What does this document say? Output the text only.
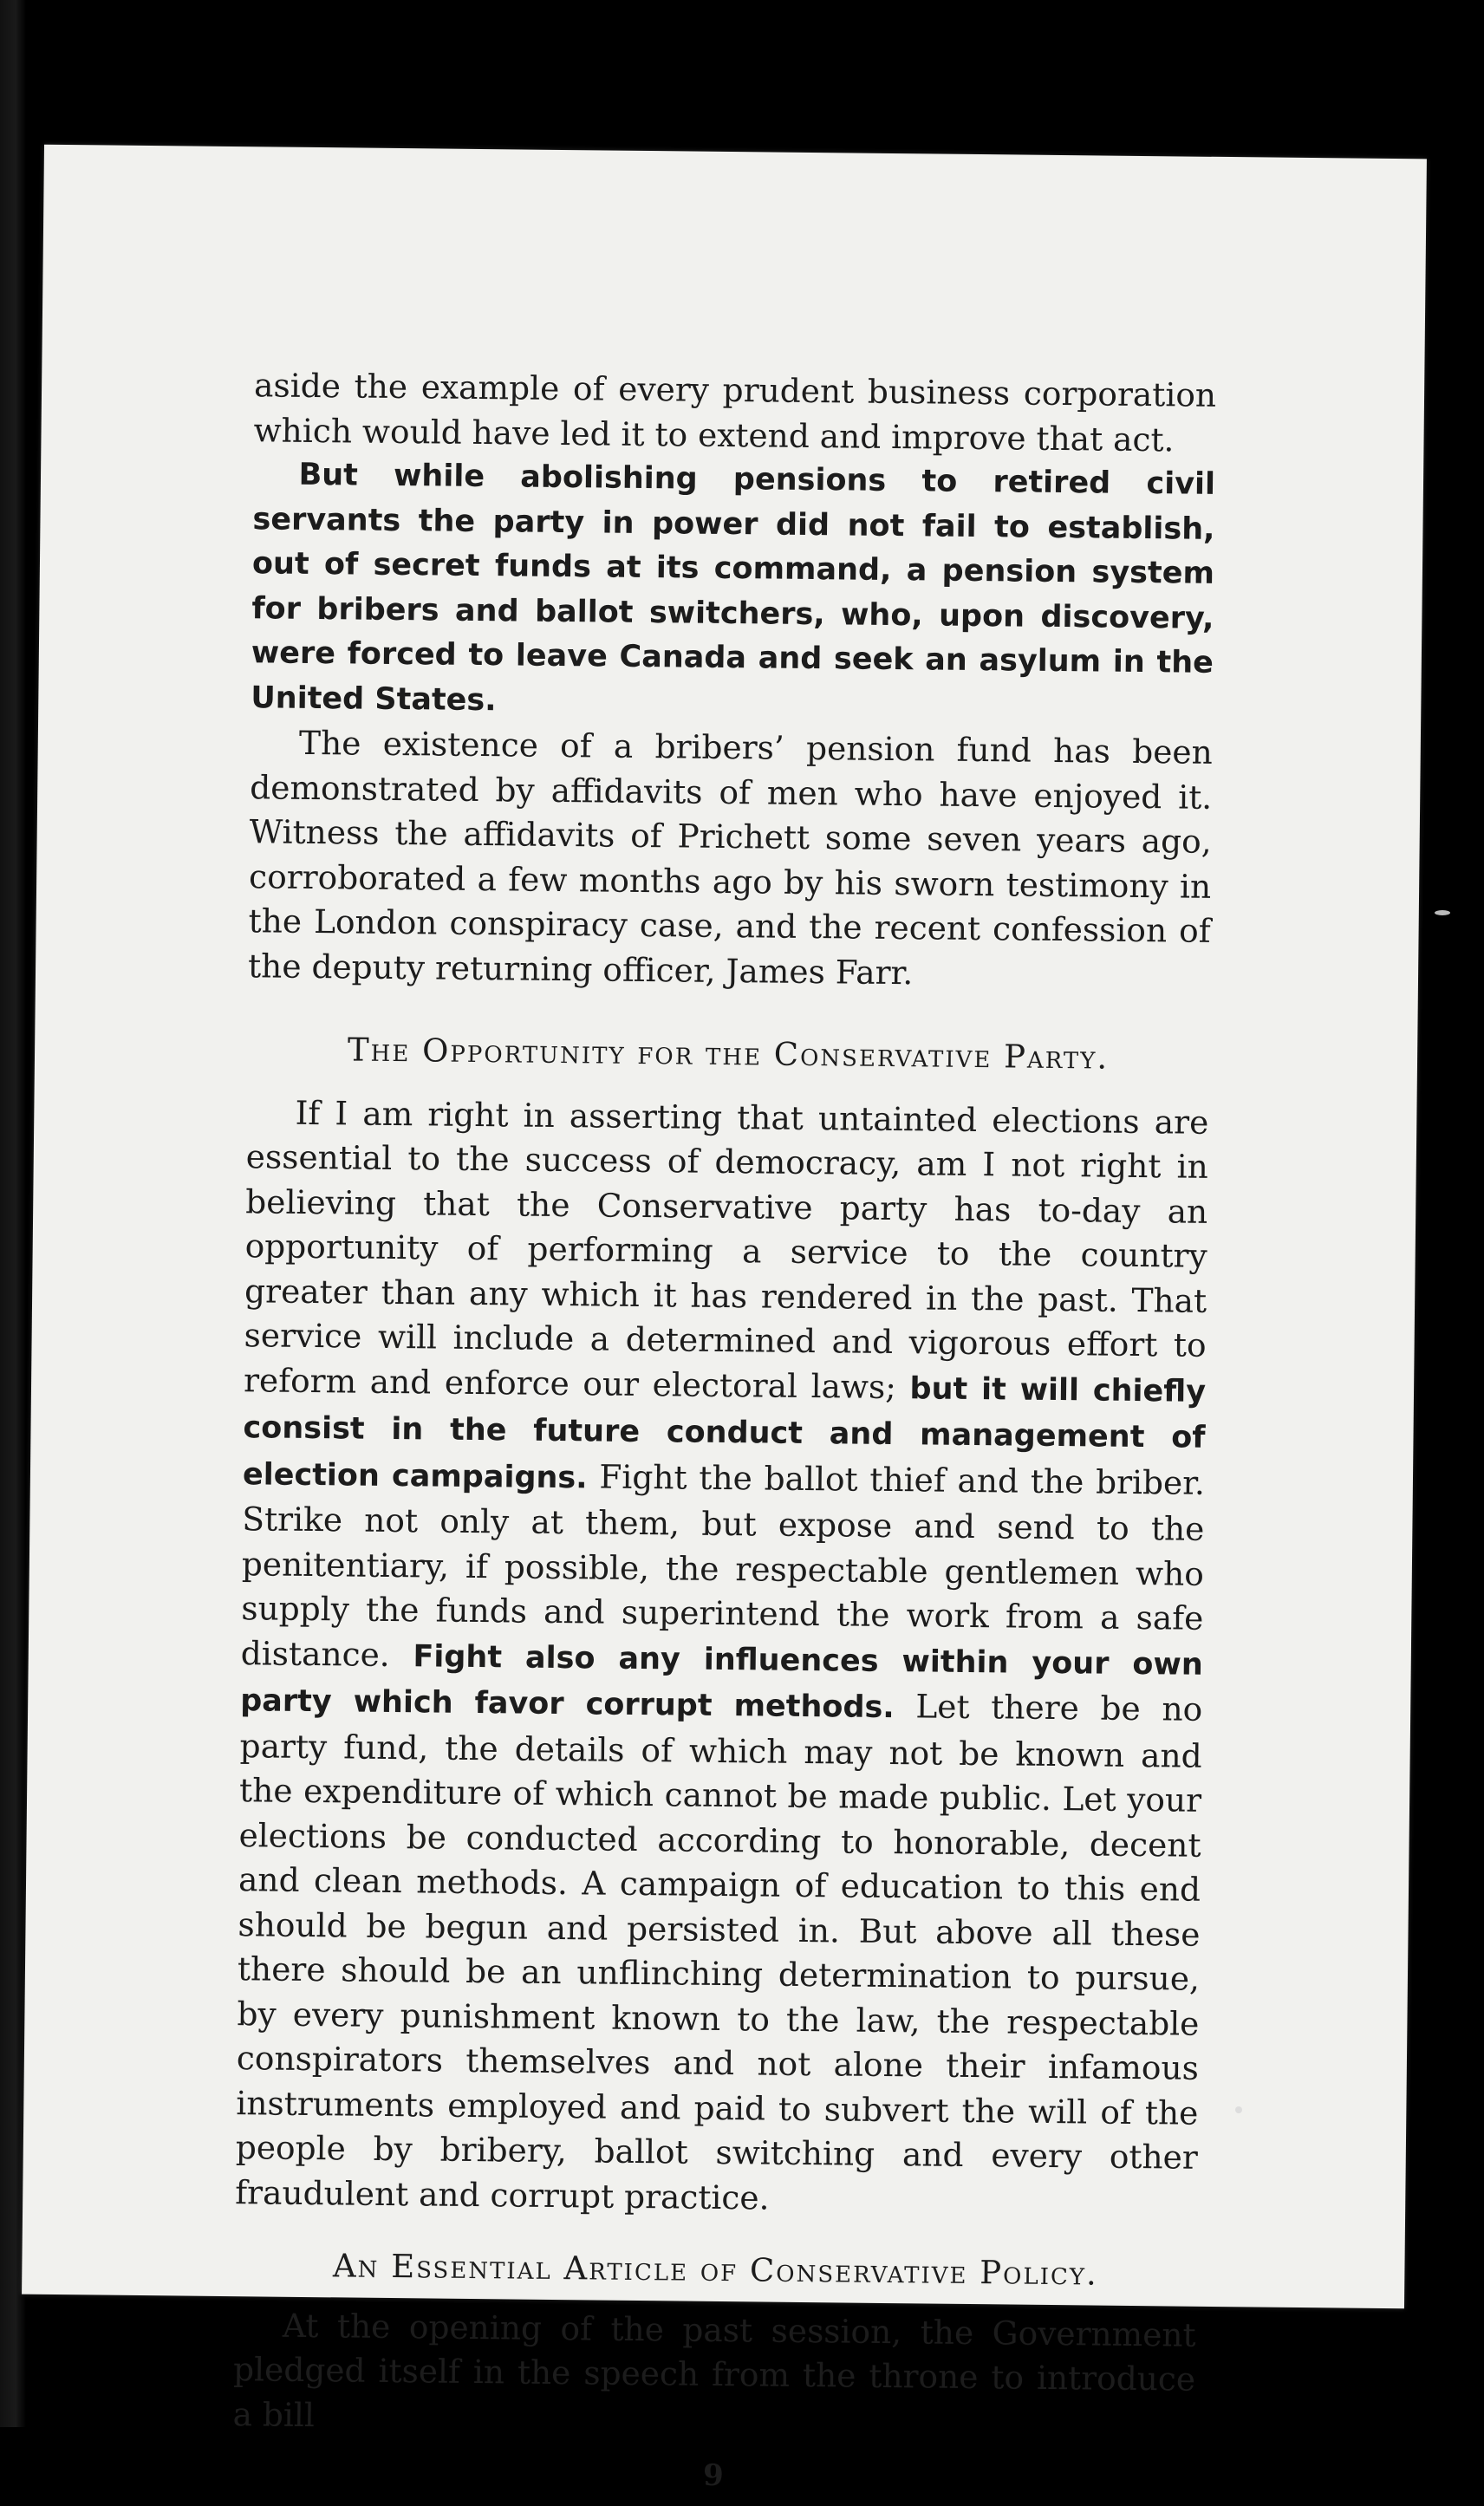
aside the example of every prudent business corporation which would have led it to extend and improve that act.

But while abolishing pensions to retired civil servants the party in power did not fail to establish, out of secret funds at its command, a pension system for bribers and ballot switchers, who, upon discovery, were forced to leave Canada and seek an asylum in the United States.

The existence of a bribers’ pension fund has been demonstrated by affidavits of men who have enjoyed it. Witness the affidavits of Prichett some seven years ago, corroborated a few months ago by his sworn testimony in the London conspiracy case, and the recent confession of the deputy returning officer, James Farr.

The Opportunity for the Conservative Party.

If I am right in asserting that untainted elections are essential to the success of democracy, am I not right in believing that the Conservative party has to-day an opportunity of performing a service to the country greater than any which it has rendered in the past. That service will include a determined and vigorous effort to reform and enforce our electoral laws; but it will chiefly consist in the future conduct and management of election campaigns. Fight the ballot thief and the briber. Strike not only at them, but expose and send to the penitentiary, if possible, the respectable gentlemen who supply the funds and superintend the work from a safe distance. Fight also any influences within your own party which favor corrupt methods. Let there be no party fund, the details of which may not be known and the expenditure of which cannot be made public. Let your elections be conducted according to honorable, decent and clean methods. A campaign of education to this end should be begun and persisted in. But above all these there should be an unflinching determination to pursue, by every punishment known to the law, the respectable conspirators themselves and not alone their infamous instruments employed and paid to subvert the will of the people by bribery, ballot switching and every other fraudulent and corrupt practice.

An Essential Article of Conservative Policy.

At the opening of the past session, the Government pledged itself in the speech from the throne to introduce a bill

9
